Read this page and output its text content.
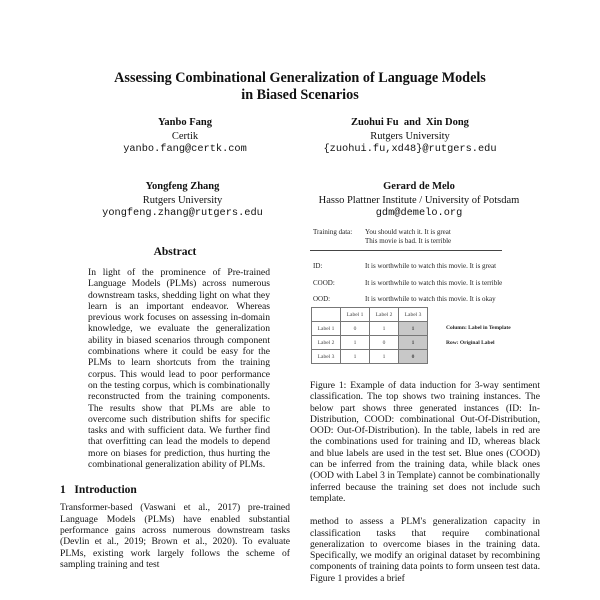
Assessing Combinational Generalization of Language Models
in Biased Scenarios
Yanbo Fang
Certik
yanbo.fang@certk.com
Zuohui Fu  and  Xin Dong
Rutgers University
{zuohui.fu,xd48}@rutgers.edu
Yongfeng Zhang
Rutgers University
yongfeng.zhang@rutgers.edu
Gerard de Melo
Hasso Plattner Institute / University of Potsdam
gdm@demelo.org
Abstract

In light of the prominence of Pre-trained Language Models (PLMs) across numerous downstream tasks, shedding light on what they learn is an important endeavor. Whereas previous work focuses on assessing in-domain knowledge, we evaluate the generalization ability in biased scenarios through component combinations where it could be easy for the PLMs to learn shortcuts from the training corpus. This would lead to poor performance on the testing corpus, which is combinationally reconstructed from the training components. The results show that PLMs are able to overcome such distribution shifts for specific tasks and with sufficient data. We further find that overfitting can lead the models to depend more on biases for prediction, thus hurting the combinational generalization ability of PLMs.

1   Introduction

Transformer-based (Vaswani et al., 2017) pre-trained Language Models (PLMs) have enabled substantial performance gains across numerous downstream tasks (Devlin et al., 2019; Brown et al., 2020). To evaluate PLMs, existing work largely follows the scheme of sampling training and test

Training data: You should watch it. It is great
This movie is bad. It is terrible
ID:	It is worthwhile to watch this movie. It is great
COOD:	It is worthwhile to watch this movie. It is terrible
OOD:	It is worthwhile to watch this movie. It is okay
Column: Label in Template
Row: Original Label
	Label 1	Label 2	Label 3
Label 1	0	1	1
Label 2	1	0	1
Label 3	1	1	0

Figure 1: Example of data induction for 3-way sentiment classification. The top shows two training instances. The below part shows three generated instances (ID: In-Distribution, COOD: combinational Out-Of-Distribution, OOD: Out-Of-Distribution). In the table, labels in red are the combinations used for training and ID, whereas black and blue labels are used in the test set. Blue ones (COOD) can be inferred from the training data, while black ones (OOD with Label 3 in Template) cannot be combinationally inferred because the training set does not include such template.

method to assess a PLM's generalization capacity in classification tasks that require combinational generalization to overcome biases in the training data. Specifically, we modify an original dataset by recombining components of training data points to form unseen test data. Figure 1 provides a brief
